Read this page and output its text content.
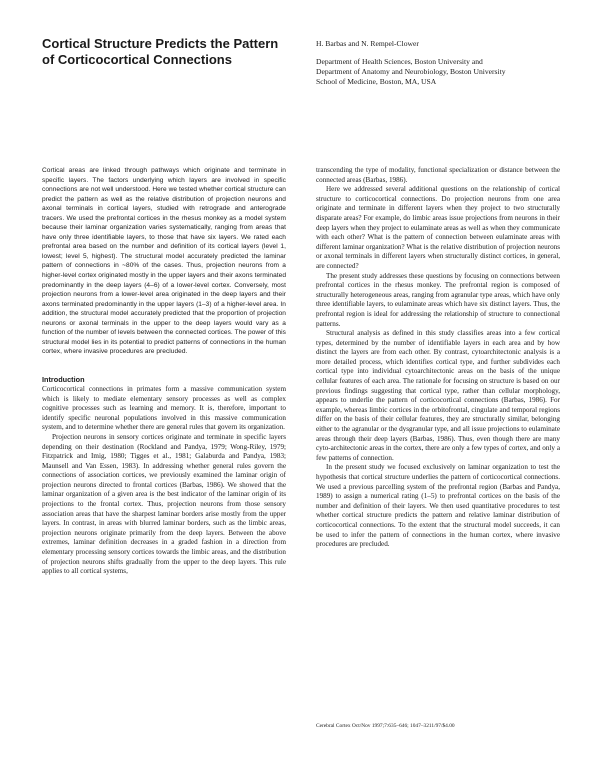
Cortical Structure Predicts the Pattern of Corticocortical Connections
H. Barbas and N. Rempel-Clower
Department of Health Sciences, Boston University and
Department of Anatomy and Neurobiology, Boston University
School of Medicine, Boston, MA, USA

Cortical areas are linked through pathways which originate and terminate in specific layers. The factors underlying which layers are involved in specific connections are not well understood. Here we tested whether cortical structure can predict the pattern as well as the relative distribution of projection neurons and axonal terminals in cortical layers, studied with retrograde and anterograde tracers. We used the prefrontal cortices in the rhesus monkey as a model system because their laminar organization varies systematically, ranging from areas that have only three identifiable layers, to those that have six layers. We rated each prefrontal area based on the number and definition of its cortical layers (level 1, lowest; level 5, highest). The structural model accurately predicted the laminar pattern of connections in ~80% of the cases. Thus, projection neurons from a higher-level cortex originated mostly in the upper layers and their axons terminated predominantly in the deep layers (4–6) of a lower-level cortex. Conversely, most projection neurons from a lower-level area originated in the deep layers and their axons terminated predominantly in the upper layers (1–3) of a higher-level area. In addition, the structural model accurately predicted that the proportion of projection neurons or axonal terminals in the upper to the deep layers would vary as a function of the number of levels between the connected cortices. The power of this structural model lies in its potential to predict patterns of connections in the human cortex, where invasive procedures are precluded.

Introduction

Corticocortical connections in primates form a massive communication system which is likely to mediate elementary sensory processes as well as complex cognitive processes such as learning and memory. It is, therefore, important to identify specific neuronal populations involved in this massive communication system, and to determine whether there are general rules that govern its organization.

Projection neurons in sensory cortices originate and terminate in specific layers depending on their destination (Rockland and Pandya, 1979; Wong-Riley, 1979; Fitzpatrick and Imig, 1980; Tigges et al., 1981; Galaburda and Pandya, 1983; Maunsell and Van Essen, 1983). In addressing whether general rules govern the connections of association cortices, we previously examined the laminar origin of projection neurons directed to frontal cortices (Barbas, 1986). We showed that the laminar organization of a given area is the best indicator of the laminar origin of its projections to the frontal cortex. Thus, projection neurons from those sensory association areas that have the sharpest laminar borders arise mostly from the upper layers. In contrast, in areas with blurred laminar borders, such as the limbic areas, projection neurons originate primarily from the deep layers. Between the above extremes, laminar definition decreases in a graded fashion in a direction from elementary processing sensory cortices towards the limbic areas, and the distribution of projection neurons shifts gradually from the upper to the deep layers. This rule applies to all cortical systems,

transcending the type of modality, functional specialization or distance between the connected areas (Barbas, 1986).

Here we addressed several additional questions on the relationship of cortical structure to corticocortical connections. Do projection neurons from one area originate and terminate in different layers when they project to two structurally disparate areas? For example, do limbic areas issue projections from neurons in their deep layers when they project to eulaminate areas as well as when they communicate with each other? What is the pattern of connection between eulaminate areas with different laminar organization? What is the relative distribution of projection neurons or axonal terminals in different layers when structurally distinct cortices, in general, are connected?

The present study addresses these questions by focusing on connections between prefrontal cortices in the rhesus monkey. The prefrontal region is composed of structurally heterogeneous areas, ranging from agranular type areas, which have only three identifiable layers, to eulaminate areas which have six distinct layers. Thus, the prefrontal region is ideal for addressing the relationship of structure to connectional patterns.

Structural analysis as defined in this study classifies areas into a few cortical types, determined by the number of identifiable layers in each area and by how distinct the layers are from each other. By contrast, cytoarchitectonic analysis is a more detailed process, which identifies cortical type, and further subdivides each cortical type into individual cytoarchitectonic areas on the basis of the unique cellular features of each area. The rationale for focusing on structure is based on our previous findings suggesting that cortical type, rather than cellular morphology, appears to underlie the pattern of corticocortical connections (Barbas, 1986). For example, whereas limbic cortices in the orbitofrontal, cingulate and temporal regions differ on the basis of their cellular features, they are structurally similar, belonging either to the agranular or the dysgranular type, and all issue projections to eulaminate areas through their deep layers (Barbas, 1986). Thus, even though there are many cyto-architectonic areas in the cortex, there are only a few types of cortex, and only a few patterns of connection.

In the present study we focused exclusively on laminar organization to test the hypothesis that cortical structure underlies the pattern of corticocortical connections. We used a previous parcelling system of the prefrontal region (Barbas and Pandya, 1989) to assign a numerical rating (1–5) to prefrontal cortices on the basis of the number and definition of their layers. We then used quantitative procedures to test whether cortical structure predicts the pattern and relative laminar distribution of corticocortical connections. To the extent that the structural model succeeds, it can be used to infer the pattern of connections in the human cortex, where invasive procedures are precluded.

Cerebral Cortex Oct/Nov 1997;7:635–646; 1047–3211/97/$4.00
